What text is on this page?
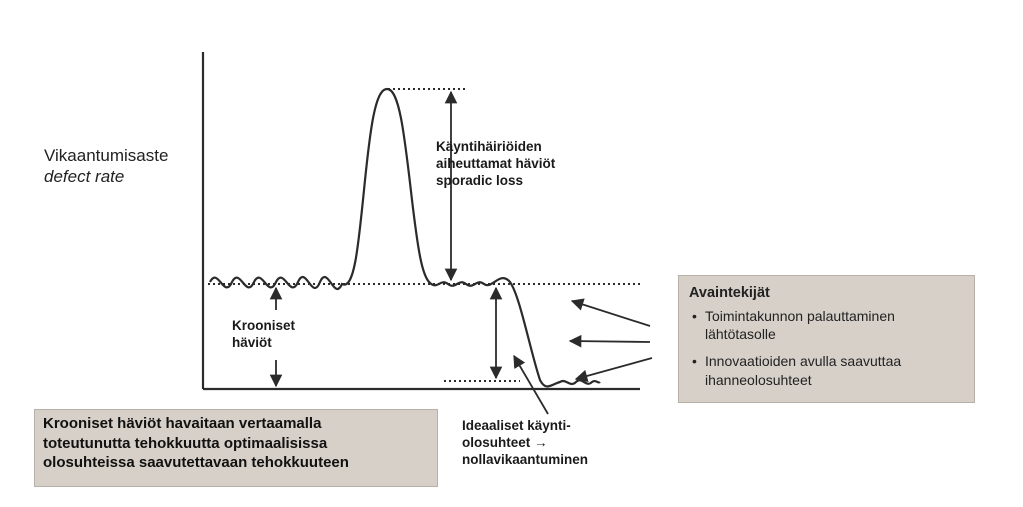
Vikaantumisaste
defect rate
Käyntihäiriöiden
aiheuttamat häviöt
sporadic loss
Krooniset
häviöt
Ideaaliset käynti-
olosuhteet →
nollavikaantuminen
Krooniset häviöt havaitaan vertaamalla
toteutunutta tehokkuutta optimaalisissa
olosuhteissa saavutettavaan tehokkuuteen
Avaintekijät
• Toimintakunnon palauttaminen
lähtötasolle
• Innovaatioiden avulla saavuttaa
ihanneolosuhteet
